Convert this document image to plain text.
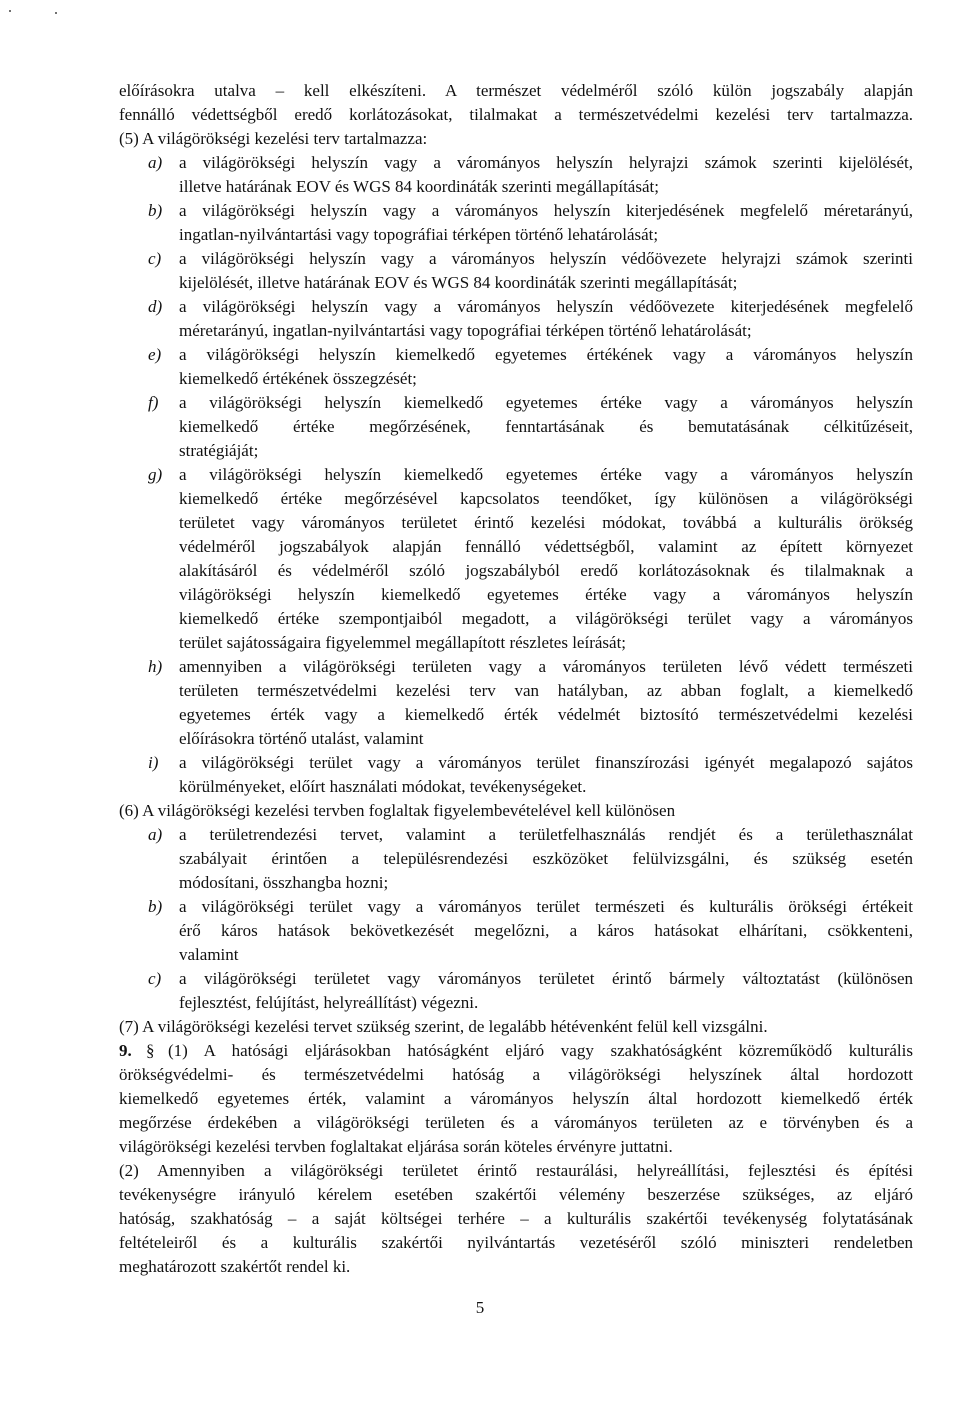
előírásokra utalva – kell elkészíteni. A természet védelméről szóló külön jogszabály alapján
fennálló védettségből eredő korlátozásokat, tilalmakat a természetvédelmi kezelési terv tartalmazza.
(5) A világörökségi kezelési terv tartalmazza:
a) a világörökségi helyszín vagy a várományos helyszín helyrajzi számok szerinti kijelölését,
illetve határának EOV és WGS 84 koordináták szerinti megállapítását;
b) a világörökségi helyszín vagy a várományos helyszín kiterjedésének megfelelő méretarányú,
ingatlan-nyilvántartási vagy topográfiai térképen történő lehatárolását;
c) a világörökségi helyszín vagy a várományos helyszín védőövezete helyrajzi számok szerinti
kijelölését, illetve határának EOV és WGS 84 koordináták szerinti megállapítását;
d) a világörökségi helyszín vagy a várományos helyszín védőövezete kiterjedésének megfelelő
méretarányú, ingatlan-nyilvántartási vagy topográfiai térképen történő lehatárolását;
e) a világörökségi helyszín kiemelkedő egyetemes értékének vagy a várományos helyszín
kiemelkedő értékének összegzését;
f) a világörökségi helyszín kiemelkedő egyetemes értéke vagy a várományos helyszín
kiemelkedő értéke megőrzésének, fenntartásának és bemutatásának célkitűzéseit,
stratégiáját;
g) a világörökségi helyszín kiemelkedő egyetemes értéke vagy a várományos helyszín
kiemelkedő értéke megőrzésével kapcsolatos teendőket, így különösen a világörökségi
területet vagy várományos területet érintő kezelési módokat, továbbá a kulturális örökség
védelméről jogszabályok alapján fennálló védettségből, valamint az épített környezet
alakításáról és védelméről szóló jogszabályból eredő korlátozásoknak és tilalmaknak a
világörökségi helyszín kiemelkedő egyetemes értéke vagy a várományos helyszín
kiemelkedő értéke szempontjaiból megadott, a világörökségi terület vagy a várományos
terület sajátosságaira figyelemmel megállapított részletes leírását;
h) amennyiben a világörökségi területen vagy a várományos területen lévő védett természeti
területen természetvédelmi kezelési terv van hatályban, az abban foglalt, a kiemelkedő
egyetemes érték vagy a kiemelkedő érték védelmét biztosító természetvédelmi kezelési
előírásokra történő utalást, valamint
i) a világörökségi terület vagy a várományos terület finanszírozási igényét megalapozó sajátos
körülményeket, előírt használati módokat, tevékenységeket.
(6) A világörökségi kezelési tervben foglaltak figyelembevételével kell különösen
a) a területrendezési tervet, valamint a területfelhasználás rendjét és a területhasználat
szabályait érintően a településrendezési eszközöket felülvizsgálni, és szükség esetén
módosítani, összhangba hozni;
b) a világörökségi terület vagy a várományos terület természeti és kulturális örökségi értékeit
érő káros hatások bekövetkezését megelőzni, a káros hatásokat elhárítani, csökkenteni,
valamint
c) a világörökségi területet vagy várományos területet érintő bármely változtatást (különösen
fejlesztést, felújítást, helyreállítást) végezni.
(7) A világörökségi kezelési tervet szükség szerint, de legalább hétévenként felül kell vizsgálni.
9. § (1) A hatósági eljárásokban hatóságként eljáró vagy szakhatóságként közreműködő kulturális
örökségvédelmi- és természetvédelmi hatóság a világörökségi helyszínek által hordozott
kiemelkedő egyetemes érték, valamint a várományos helyszín által hordozott kiemelkedő érték
megőrzése érdekében a világörökségi területen és a várományos területen az e törvényben és a
világörökségi kezelési tervben foglaltakat eljárása során köteles érvényre juttatni.
(2) Amennyiben a világörökségi területet érintő restaurálási, helyreállítási, fejlesztési és építési
tevékenységre irányuló kérelem esetében szakértői vélemény beszerzése szükséges, az eljáró
hatóság, szakhatóság – a saját költségei terhére – a kulturális szakértői tevékenység folytatásának
feltételeiről és a kulturális szakértői nyilvántartás vezetéséről szóló miniszteri rendeletben
meghatározott szakértőt rendel ki.
5
